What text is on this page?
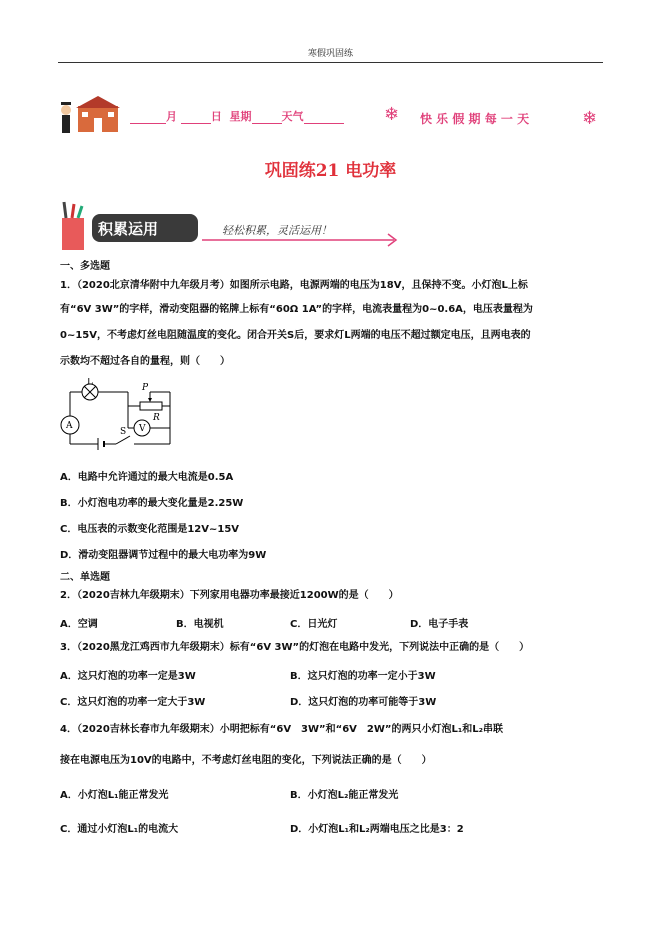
寒假巩固练
月	日 星期	天气	❄ 快 乐 假 期 每 一 天	❄
巩固练21 电功率
积累运用	轻松积累，灵活运用！
一、多选题
1．（2020北京清华附中九年级月考）如图所示电路，电源两端的电压为18V，且保持不变。小灯泡L上标
有“6V 3W”的字样，滑动变阻器的铭牌上标有“60Ω 1A”的字样，电流表量程为0~0.6A，电压表量程为
0~15V，不考虑灯丝电阻随温度的变化。闭合开关S后，要求灯L两端的电压不超过额定电压，且两电表的
示数均不超过各自的量程，则（　　）
L
P
R
V
A
S
A．电路中允许通过的最大电流是0.5A
B．小灯泡电功率的最大变化量是2.25W
C．电压表的示数变化范围是12V~15V
D．滑动变阻器调节过程中的最大电功率为9W
二、单选题
2．（2020吉林九年级期末）下列家用电器功率最接近1200W的是（　　）
A．空调	B．电视机	C．日光灯	D．电子手表
3．（2020黑龙江鸡西市九年级期末）标有“6V 3W”的灯泡在电路中发光，下列说法中正确的是（　　）
A．这只灯泡的功率一定是3W	B．这只灯泡的功率一定小于3W
C．这只灯泡的功率一定大于3W	D．这只灯泡的功率可能等于3W
4．（2020吉林长春市九年级期末）小明把标有“6V　3W”和“6V　2W”的两只小灯泡L₁和L₂串联
接在电源电压为10V的电路中，不考虑灯丝电阻的变化，下列说法正确的是（　　）
A．小灯泡L₁能正常发光	B．小灯泡L₂能正常发光
C．通过小灯泡L₁的电流大	D．小灯泡L₁和L₂两端电压之比是3：2
